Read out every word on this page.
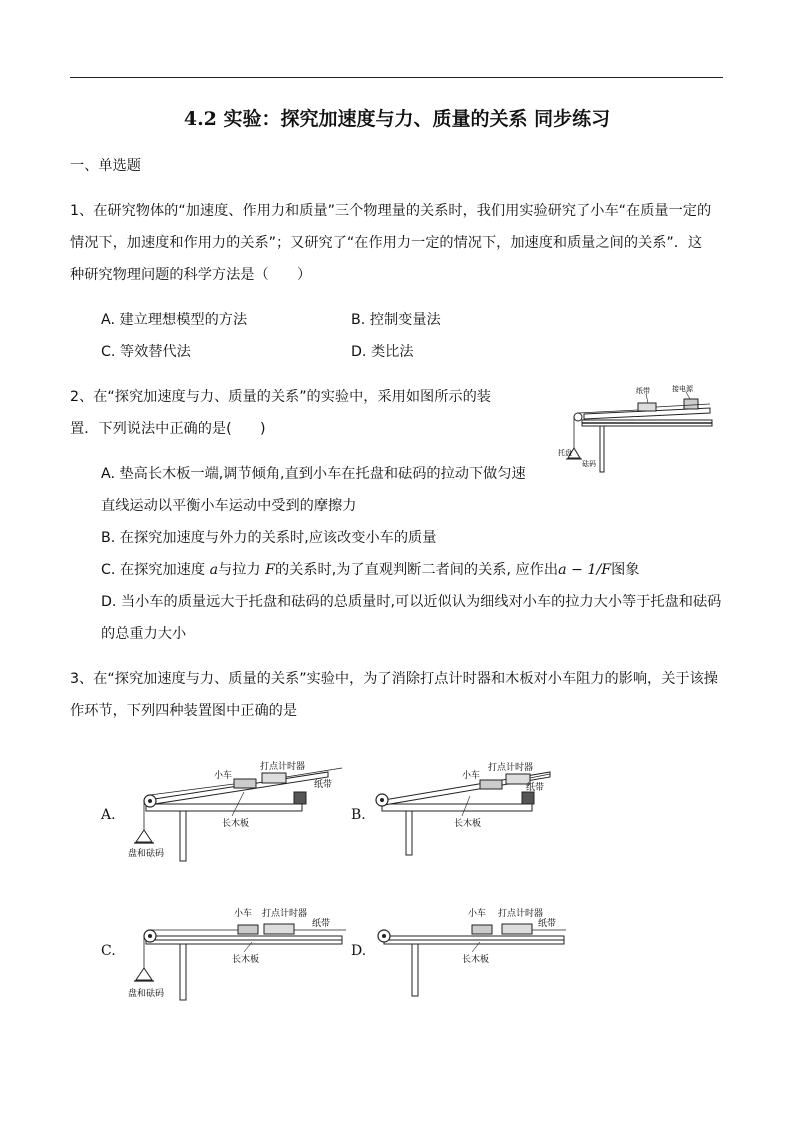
4.2 实验：探究加速度与力、质量的关系 同步练习
一、单选题
1、在研究物体的“加速度、作用力和质量”三个物理量的关系时，我们用实验研究了小车“在质量一定的
情况下，加速度和作用力的关系”；又研究了“在作用力一定的情况下，加速度和质量之间的关系”．这
种研究物理问题的科学方法是（　　）
A. 建立理想模型的方法	B. 控制变量法
C. 等效替代法	D. 类比法
2、在“探究加速度与力、质量的关系”的实验中，采用如图所示的装
置．下列说法中正确的是(　　)
纸带	接电源
托盘
砝码
A. 垫高长木板一端,调节倾角,直到小车在托盘和砝码的拉动下做匀速
直线运动以平衡小车运动中受到的摩擦力
B. 在探究加速度与外力的关系时,应该改变小车的质量
C. 在探究加速度 a与拉力 F的关系时,为了直观判断二者间的关系, 应作出a − 1/F图象
D. 当小车的质量远大于托盘和砝码的总质量时,可以近似认为细线对小车的拉力大小等于托盘和砝码
的总重力大小
3、在“探究加速度与力、质量的关系”实验中，为了消除打点计时器和木板对小车阻力的影响，关于该操
作环节，下列四种装置图中正确的是
A.
小车
打点计时器
纸带
长木板
盘和砝码
B.
小车
打点计时器
纸带
长木板
C.
小车 打点计时器
纸带
长木板
盘和砝码
D.
小车 打点计时器
纸带
长木板
